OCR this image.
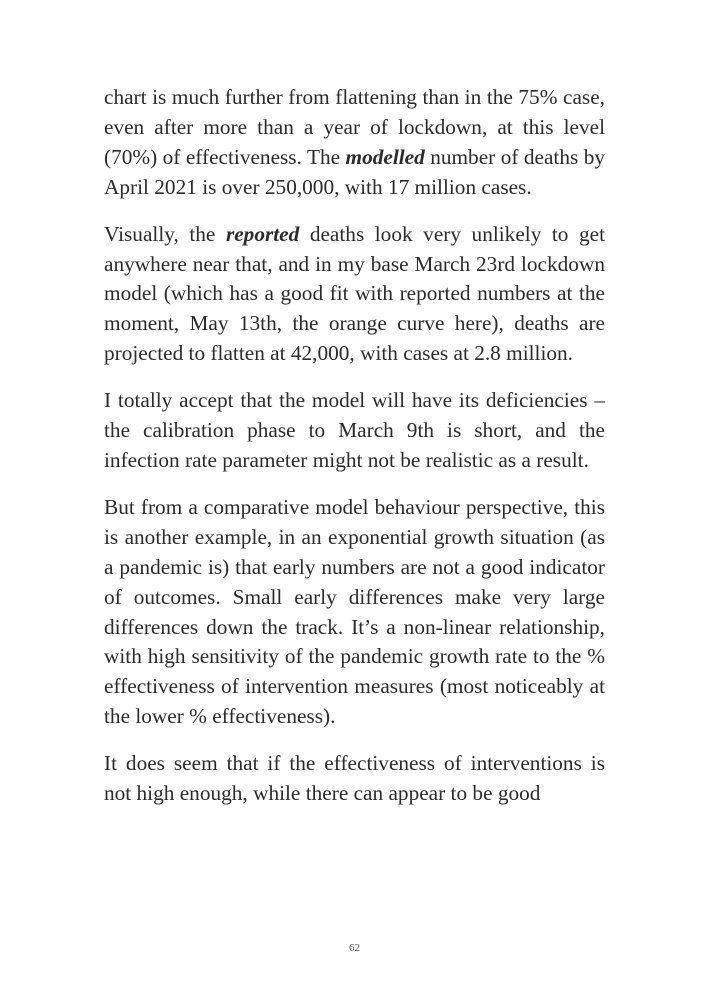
chart is much further from flattening than in the 75% case, even after more than a year of lockdown, at this level (70%) of effectiveness. The modelled number of deaths by April 2021 is over 250,000, with 17 million cases.

Visually, the reported deaths look very unlikely to get anywhere near that, and in my base March 23rd lockdown model (which has a good fit with reported numbers at the moment, May 13th, the orange curve here), deaths are projected to flatten at 42,000, with cases at 2.8 million.

I totally accept that the model will have its deficiencies – the calibration phase to March 9th is short, and the infection rate parameter might not be realistic as a result.

But from a comparative model behaviour perspective, this is another example, in an exponential growth situation (as a pandemic is) that early numbers are not a good indicator of outcomes. Small early differences make very large differences down the track. It’s a non-linear relationship, with high sensitivity of the pandemic growth rate to the % effectiveness of intervention measures (most noticeably at the lower % effectiveness).

It does seem that if the effectiveness of interventions is not high enough, while there can appear to be good

62
